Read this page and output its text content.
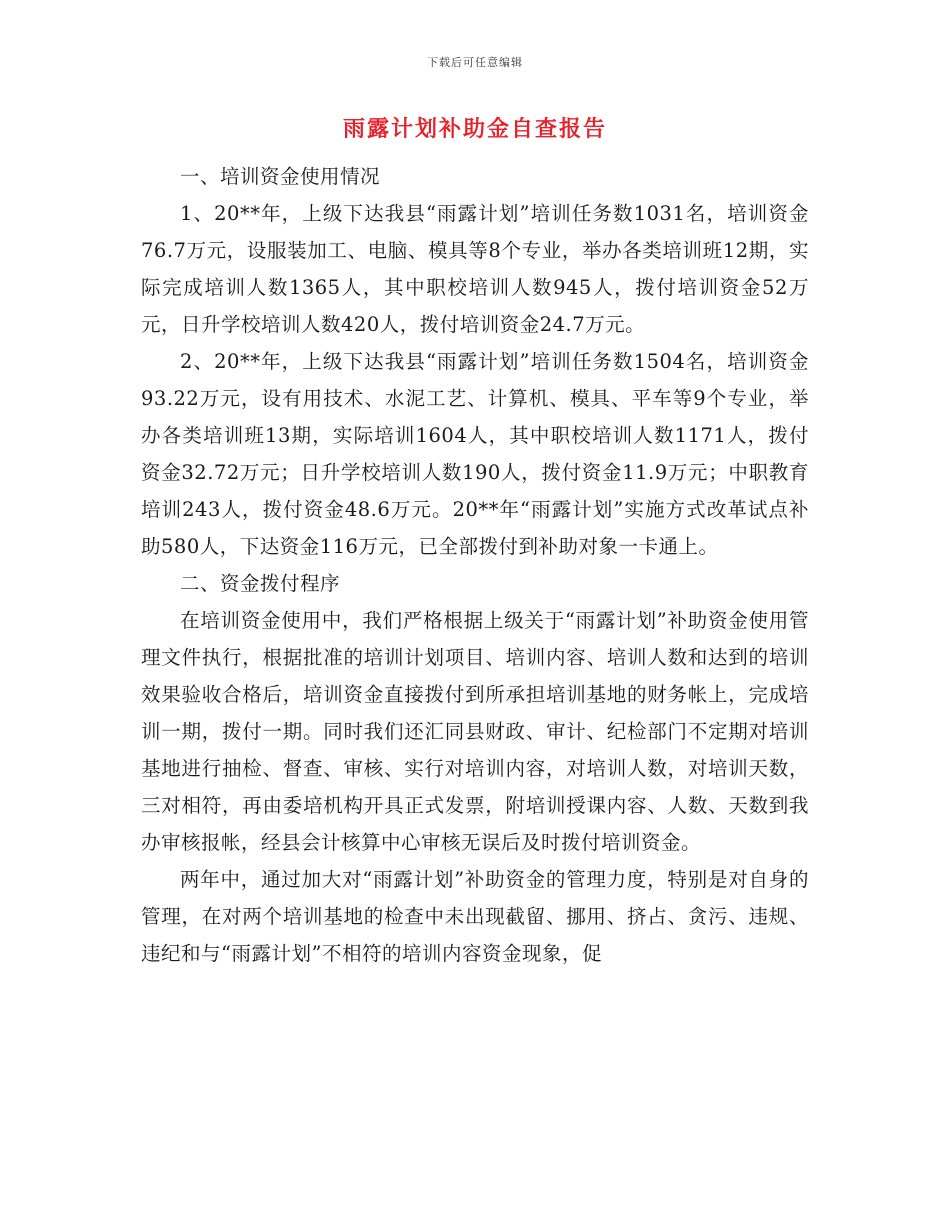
下载后可任意编辑
雨露计划补助金自查报告

一、培训资金使用情况

1、20**年，上级下达我县“雨露计划”培训任务数1031名，培训资金76.7万元，设服装加工、电脑、模具等8个专业，举办各类培训班12期，实际完成培训人数1365人，其中职校培训人数945人，拨付培训资金52万元，日升学校培训人数420人，拨付培训资金24.7万元。

2、20**年，上级下达我县“雨露计划”培训任务数1504名，培训资金93.22万元，设有用技术、水泥工艺、计算机、模具、平车等9个专业，举办各类培训班13期，实际培训1604人，其中职校培训人数1171人，拨付资金32.72万元；日升学校培训人数190人，拨付资金11.9万元；中职教育培训243人，拨付资金48.6万元。20**年“雨露计划”实施方式改革试点补助580人，下达资金116万元，已全部拨付到补助对象一卡通上。

二、资金拨付程序

在培训资金使用中，我们严格根据上级关于“雨露计划”补助资金使用管理文件执行，根据批准的培训计划项目、培训内容、培训人数和达到的培训效果验收合格后，培训资金直接拨付到所承担培训基地的财务帐上，完成培训一期，拨付一期。同时我们还汇同县财政、审计、纪检部门不定期对培训基地进行抽检、督查、审核、实行对培训内容，对培训人数，对培训天数，三对相符，再由委培机构开具正式发票，附培训授课内容、人数、天数到我办审核报帐，经县会计核算中心审核无误后及时拨付培训资金。

两年中，通过加大对“雨露计划”补助资金的管理力度，特别是对自身的管理，在对两个培训基地的检查中未出现截留、挪用、挤占、贪污、违规、违纪和与“雨露计划”不相符的培训内容资金现象，促
